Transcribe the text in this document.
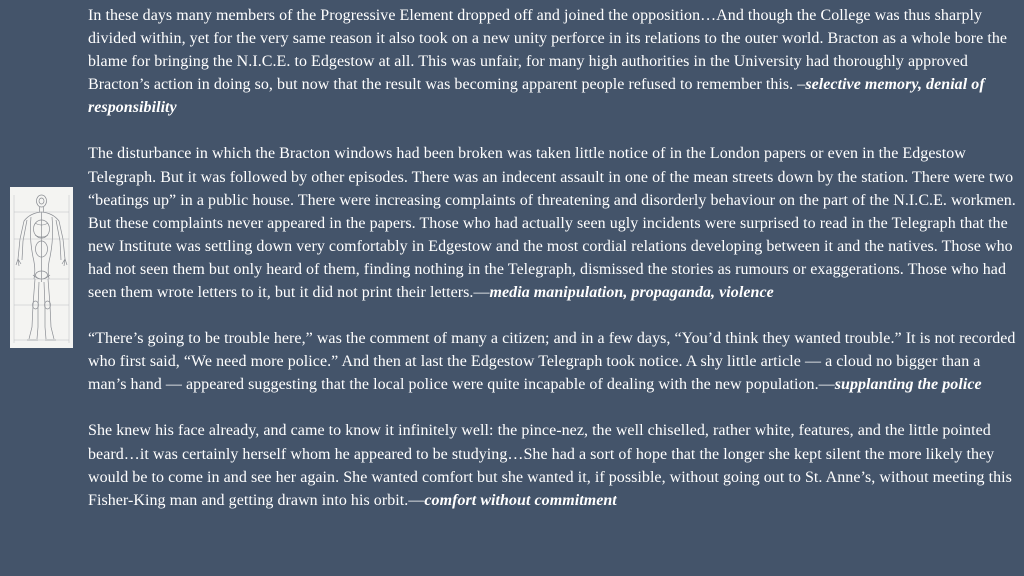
In these days many members of the Progressive Element dropped off and joined the opposition…And though the College was thus sharply divided within, yet for the very same reason it also took on a new unity perforce in its relations to the outer world. Bracton as a whole bore the blame for bringing the N.I.C.E. to Edgestow at all. This was unfair, for many high authorities in the University had thoroughly approved Bracton’s action in doing so, but now that the result was becoming apparent people refused to remember this. –selective memory, denial of responsibility

The disturbance in which the Bracton windows had been broken was taken little notice of in the London papers or even in the Edgestow Telegraph. But it was followed by other episodes. There was an indecent assault in one of the mean streets down by the station. There were two “beatings up” in a public house. There were increasing complaints of threatening and disorderly behaviour on the part of the N.I.C.E. workmen. But these complaints never appeared in the papers. Those who had actually seen ugly incidents were surprised to read in the Telegraph that the new Institute was settling down very comfortably in Edgestow and the most cordial relations developing between it and the natives. Those who had not seen them but only heard of them, finding nothing in the Telegraph, dismissed the stories as rumours or exaggerations. Those who had seen them wrote letters to it, but it did not print their letters.—media manipulation, propaganda, violence

“There’s going to be trouble here,” was the comment of many a citizen; and in a few days, “You’d think they wanted trouble.” It is not recorded who first said, “We need more police.” And then at last the Edgestow Telegraph took notice. A shy little article — a cloud no bigger than a man’s hand — appeared suggesting that the local police were quite incapable of dealing with the new population.—supplanting the police

She knew his face already, and came to know it infinitely well: the pince-nez, the well chiselled, rather white, features, and the little pointed beard…it was certainly herself whom he appeared to be studying…She had a sort of hope that the longer she kept silent the more likely they would be to come in and see her again. She wanted comfort but she wanted it, if possible, without going out to St. Anne’s, without meeting this Fisher-King man and getting drawn into his orbit.—comfort without commitment
